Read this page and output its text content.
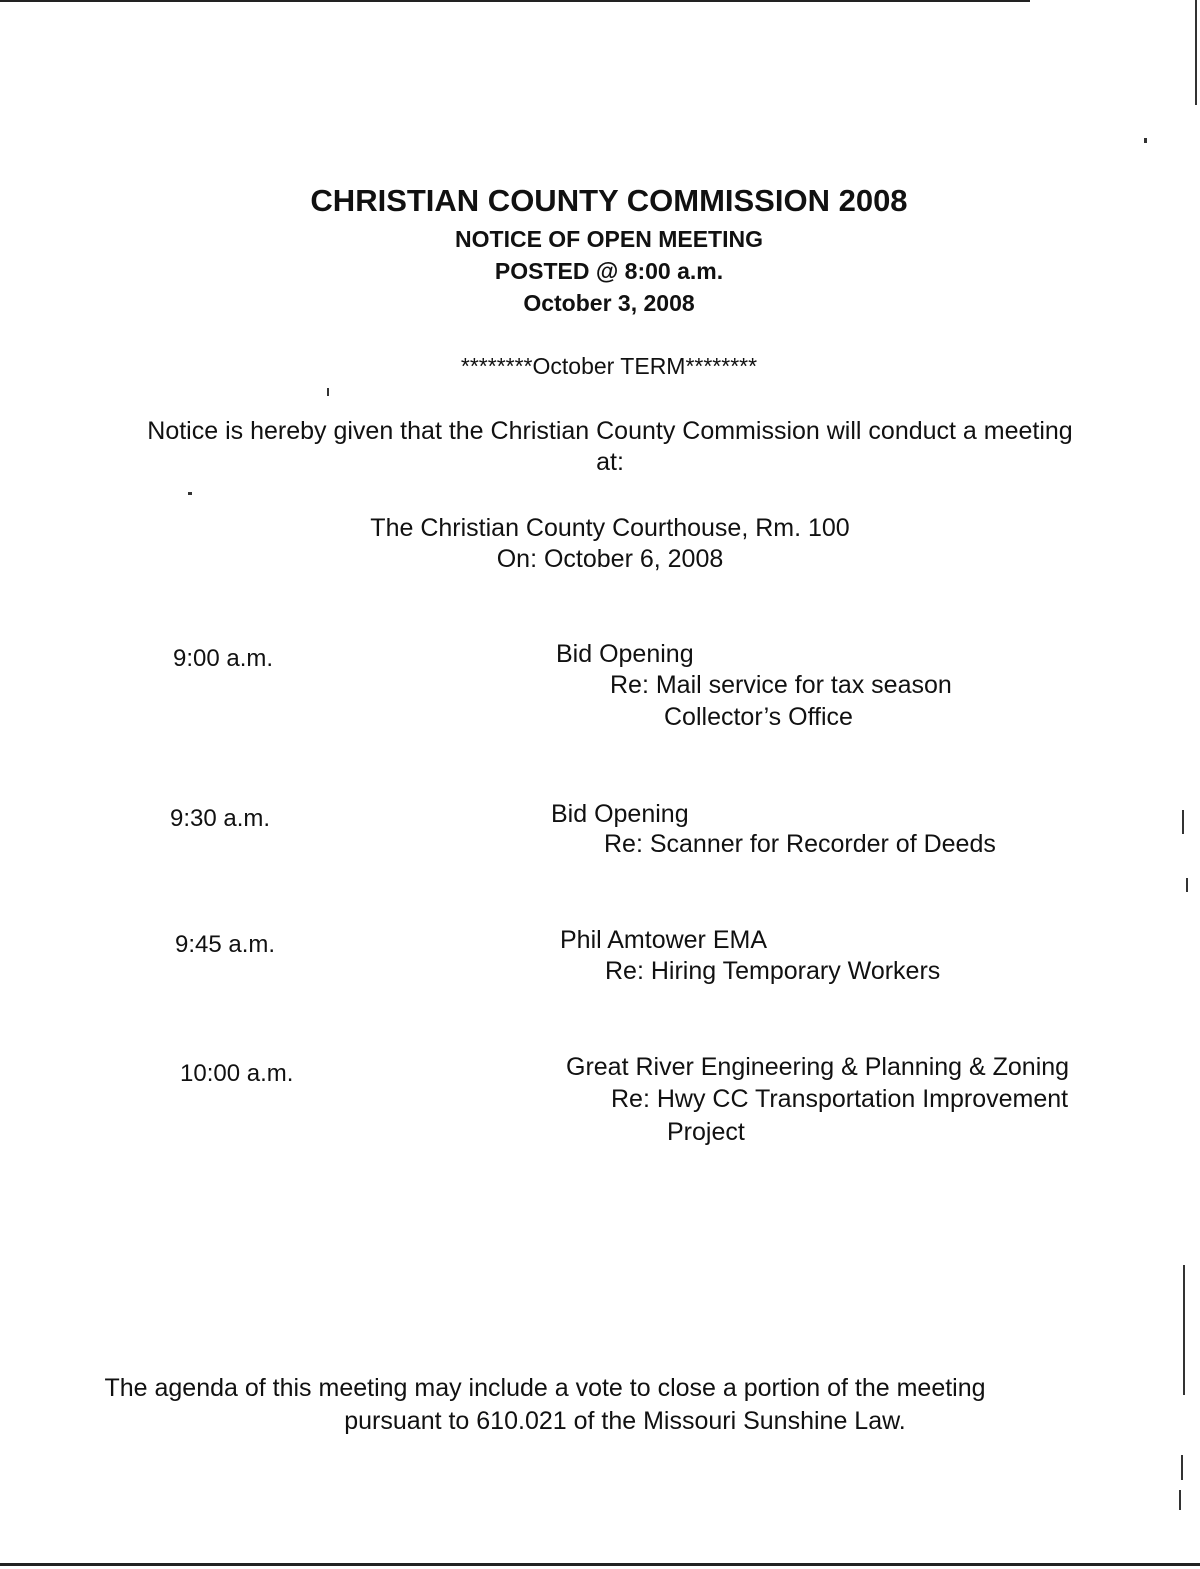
CHRISTIAN COUNTY COMMISSION 2008
NOTICE OF OPEN MEETING
POSTED @ 8:00 a.m.
October 3, 2008
********October TERM********
Notice is hereby given that the Christian County Commission will conduct a meeting at:
The Christian County Courthouse, Rm. 100
On: October 6, 2008
9:00 a.m.	Bid Opening
Re: Mail service for tax season
Collector’s Office
9:30 a.m.	Bid Opening
Re: Scanner for Recorder of Deeds
9:45 a.m.	Phil Amtower EMA
Re: Hiring Temporary Workers
10:00 a.m.	Great River Engineering & Planning & Zoning
Re: Hwy CC Transportation Improvement
Project
The agenda of this meeting may include a vote to close a portion of the meeting
pursuant to 610.021 of the Missouri Sunshine Law.
